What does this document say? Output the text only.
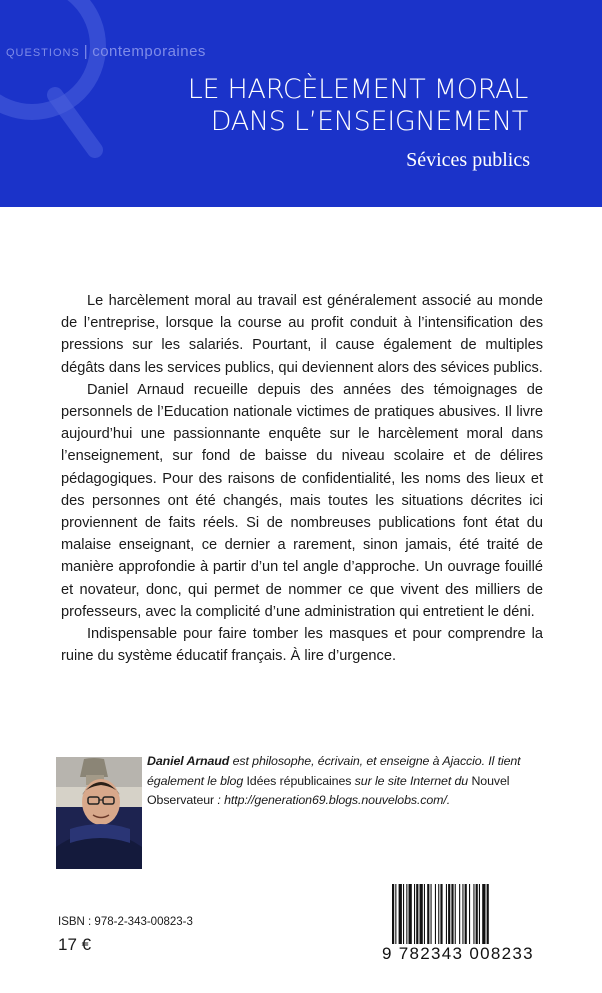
QUESTIONS | contemporaines
LE HARCÈLEMENT MORAL
DANS L’ENSEIGNEMENT
Sévices publics

Le harcèlement moral au travail est généralement associé au monde de l’entreprise, lorsque la course au profit conduit à l’intensification des pressions sur les salariés. Pourtant, il cause également de multiples dégâts dans les services publics, qui deviennent alors des sévices publics.

Daniel Arnaud recueille depuis des années des témoignages de personnels de l’Education nationale victimes de pratiques abusives. Il livre aujourd’hui une passionnante enquête sur le harcèlement moral dans l’enseignement, sur fond de baisse du niveau scolaire et de délires pédagogiques. Pour des raisons de confidentialité, les noms des lieux et des personnes ont été changés, mais toutes les situations décrites ici proviennent de faits réels. Si de nombreuses publications font état du malaise enseignant, ce dernier a rarement, sinon jamais, été traité de manière approfondie à partir d’un tel angle d’approche. Un ouvrage fouillé et novateur, donc, qui permet de nommer ce que vivent des milliers de professeurs, avec la complicité d’une administration qui entretient le déni.

Indispensable pour faire tomber les masques et pour comprendre la ruine du système éducatif français. À lire d’urgence.

Daniel Arnaud est philosophe, écrivain, et enseigne à Ajaccio. Il tient également le blog Idées républicaines sur le site Internet du Nouvel Observateur : http://generation69.blogs.nouvelobs.com/.
ISBN : 978-2-343-00823-3
17 €	9 782343 008233
